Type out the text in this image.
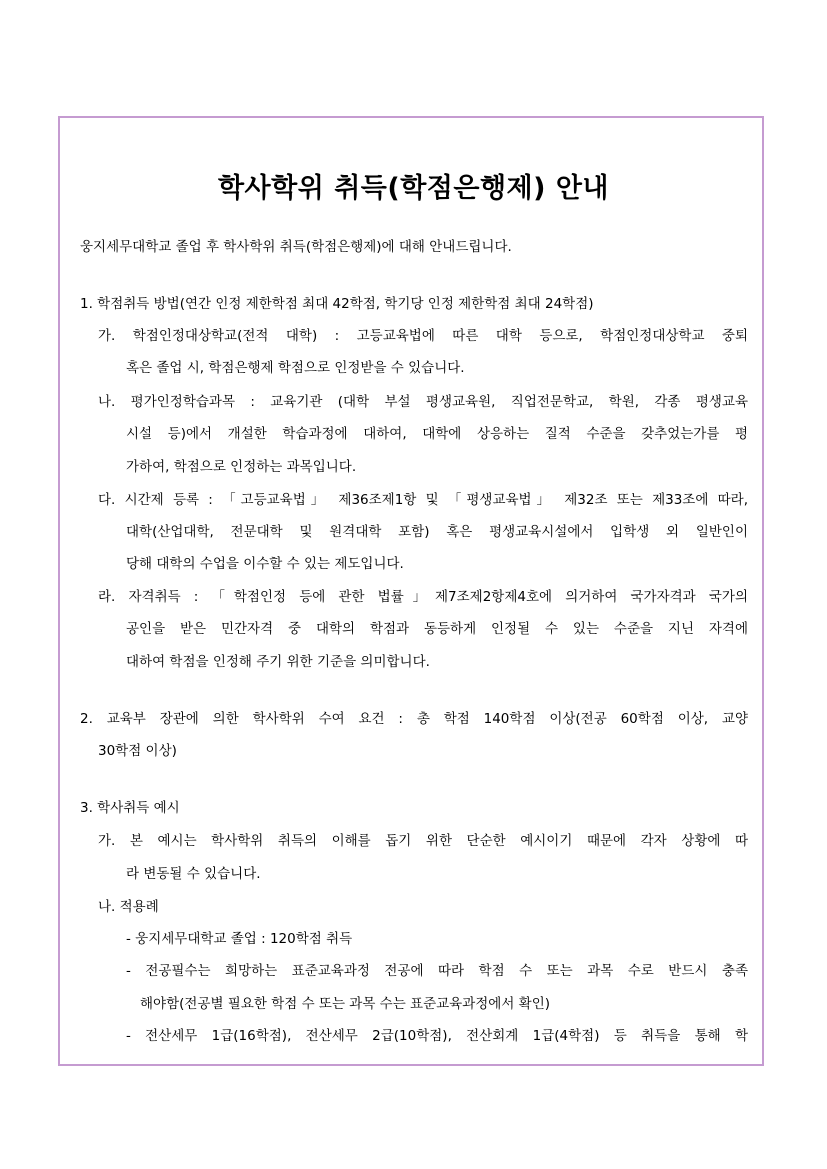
학사학위 취득(학점은행제) 안내
웅지세무대학교 졸업 후 학사학위 취득(학점은행제)에 대해 안내드립니다.
1. 학점취득 방법(연간 인정 제한학점 최대 42학점, 학기당 인정 제한학점 최대 24학점)
가. 학점인정대상학교(전적 대학) : 고등교육법에 따른 대학 등으로, 학점인정대상학교 중퇴
혹은 졸업 시, 학점은행제 학점으로 인정받을 수 있습니다.
나. 평가인정학습과목 : 교육기관 (대학 부설 평생교육원, 직업전문학교, 학원, 각종 평생교육
시설 등)에서 개설한 학습과정에 대하여, 대학에 상응하는 질적 수준을 갖추었는가를 평
가하여, 학점으로 인정하는 과목입니다.
다. 시간제 등록 : 「고등교육법」 제36조제1항 및 「평생교육법」 제32조 또는 제33조에 따라,
대학(산업대학, 전문대학 및 원격대학 포함) 혹은 평생교육시설에서 입학생 외 일반인이
당해 대학의 수업을 이수할 수 있는 제도입니다.
라. 자격취득 : 「학점인정 등에 관한 법률」제7조제2항제4호에 의거하여 국가자격과 국가의
공인을 받은 민간자격 중 대학의 학점과 동등하게 인정될 수 있는 수준을 지닌 자격에
대하여 학점을 인정해 주기 위한 기준을 의미합니다.
2. 교육부 장관에 의한 학사학위 수여 요건 : 총 학점 140학점 이상(전공 60학점 이상, 교양
30학점 이상)
3. 학사취득 예시
가. 본 예시는 학사학위 취득의 이해를 돕기 위한 단순한 예시이기 때문에 각자 상황에 따
라 변동될 수 있습니다.
나. 적용례
- 웅지세무대학교 졸업 : 120학점 취득
- 전공필수는 희망하는 표준교육과정 전공에 따라 학점 수 또는 과목 수로 반드시 충족
해야함(전공별 필요한 학점 수 또는 과목 수는 표준교육과정에서 확인)
- 전산세무 1급(16학점), 전산세무 2급(10학점), 전산회계 1급(4학점) 등 취득을 통해 학
